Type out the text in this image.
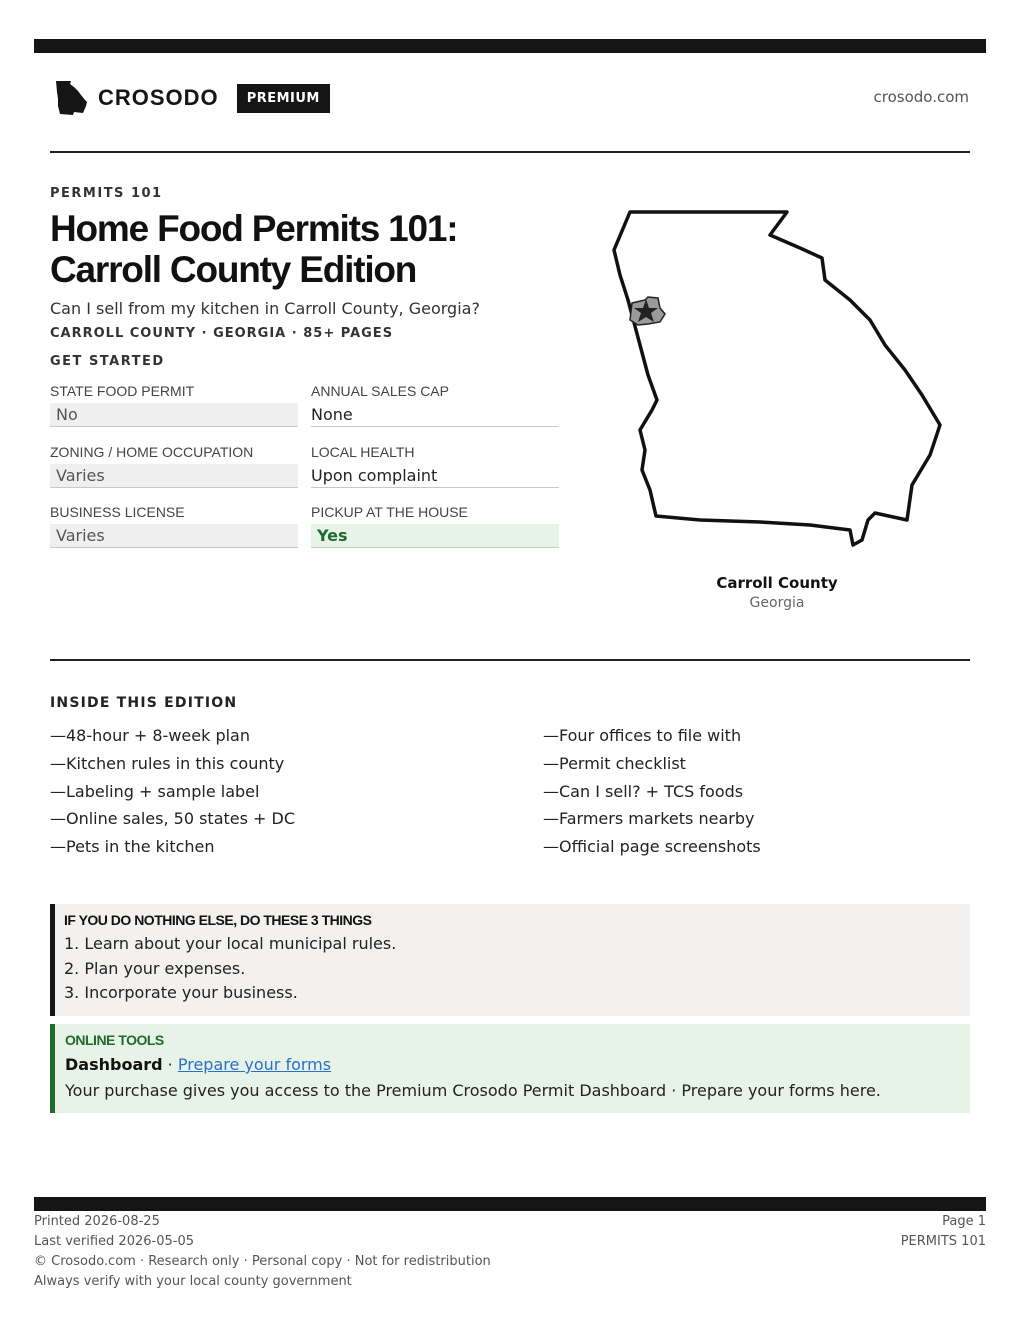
CROSODO	PREMIUM	crosodo.com
PERMITS 101
Home Food Permits 101: Carroll County Edition
Can I sell from my kitchen in Carroll County, Georgia?
CARROLL COUNTY · GEORGIA · 85+ PAGES
GET STARTED
STATE FOOD PERMIT
No
ANNUAL SALES CAP
None
ZONING / HOME OCCUPATION
Varies
LOCAL HEALTH
Upon complaint
BUSINESS LICENSE
Varies
PICKUP AT THE HOUSE
Yes
Carroll County
Georgia
INSIDE THIS EDITION
—48-hour + 8-week plan
—Kitchen rules in this county
—Labeling + sample label
—Online sales, 50 states + DC
—Pets in the kitchen
—Four offices to file with
—Permit checklist
—Can I sell? + TCS foods
—Farmers markets nearby
—Official page screenshots
IF YOU DO NOTHING ELSE, DO THESE 3 THINGS
1. Learn about your local municipal rules.
2. Plan your expenses.
3. Incorporate your business.
ONLINE TOOLS
Dashboard · Prepare your forms
Your purchase gives you access to the Premium Crosodo Permit Dashboard · Prepare your forms here.
Printed 2026-08-25
Last verified 2026-05-05
© Crosodo.com · Research only · Personal copy · Not for redistribution
Always verify with your local county government
Page 1
PERMITS 101
